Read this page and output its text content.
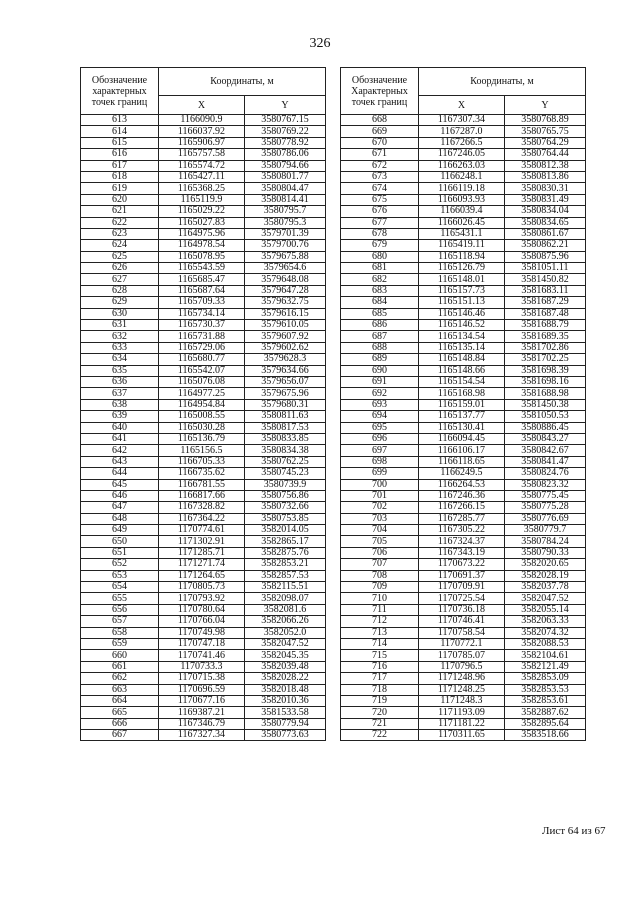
326
Обозначение характерных точек границ	Координаты, м	
	X	Y
613	1166090.9	3580767.15
614	1166037.92	3580769.22
615	1165906.97	3580778.92
616	1165757.58	3580786.06
617	1165574.72	3580794.66
618	1165427.11	3580801.77
619	1165368.25	3580804.47
620	1165119.9	3580814.41
621	1165029.22	3580795.7
622	1165027.83	3580795.3
623	1164975.96	3579701.39
624	1164978.54	3579700.76
625	1165078.95	3579675.88
626	1165543.59	3579654.6
627	1165685.47	3579648.08
628	1165687.64	3579647.28
629	1165709.33	3579632.75
630	1165734.14	3579616.15
631	1165730.37	3579610.05
632	1165731.88	3579607.92
633	1165729.06	3579602.62
634	1165680.77	3579628.3
635	1165542.07	3579634.66
636	1165076.08	3579656.07
637	1164977.25	3579675.96
638	1164954.84	3579680.31
639	1165008.55	3580811.63
640	1165030.28	3580817.53
641	1165136.79	3580833.85
642	1165156.5	3580834.38
643	1166705.33	3580762.25
644	1166735.62	3580745.23
645	1166781.55	3580739.9
646	1166817.66	3580756.86
647	1167328.82	3580732.66
648	1167364.22	3580753.85
649	1170774.61	3582014.05
650	1171302.91	3582865.17
651	1171285.71	3582875.76
652	1171271.74	3582853.21
653	1171264.65	3582857.53
654	1170805.73	3582115.51
655	1170793.92	3582098.07
656	1170780.64	3582081.6
657	1170766.04	3582066.26
658	1170749.98	3582052.0
659	1170747.18	3582047.52
660	1170741.46	3582045.35
661	1170733.3	3582039.48
662	1170715.38	3582028.22
663	1170696.59	3582018.48
664	1170677.16	3582010.36
665	1169387.21	3581533.58
666	1167346.79	3580779.94
667	1167327.34	3580773.63
Обозначение Характерных точек границ	Координаты, м	
	X	Y
668	1167307.34	3580768.89
669	1167287.0	3580765.75
670	1167266.5	3580764.29
671	1167246.05	3580764.44
672	1166263.03	3580812.38
673	1166248.1	3580813.86
674	1166119.18	3580830.31
675	1166093.93	3580831.49
676	1166039.4	3580834.04
677	1166026.45	3580834.65
678	1165431.1	3580861.67
679	1165419.11	3580862.21
680	1165118.94	3580875.96
681	1165126.79	3581051.11
682	1165148.01	3581450.82
683	1165157.73	3581683.11
684	1165151.13	3581687.29
685	1165146.46	3581687.48
686	1165146.52	3581688.79
687	1165134.54	3581689.35
688	1165135.14	3581702.86
689	1165148.84	3581702.25
690	1165148.66	3581698.39
691	1165154.54	3581698.16
692	1165168.98	3581688.98
693	1165159.01	3581450.38
694	1165137.77	3581050.53
695	1165130.41	3580886.45
696	1166094.45	3580843.27
697	1166106.17	3580842.67
698	1166118.65	3580841.47
699	1166249.5	3580824.76
700	1166264.53	3580823.32
701	1167246.36	3580775.45
702	1167266.15	3580775.28
703	1167285.77	3580776.69
704	1167305.22	3580779.7
705	1167324.37	3580784.24
706	1167343.19	3580790.33
707	1170673.22	3582020.65
708	1170691.37	3582028.19
709	1170709.91	3582037.78
710	1170725.54	3582047.52
711	1170736.18	3582055.14
712	1170746.41	3582063.33
713	1170758.54	3582074.32
714	1170772.1	3582088.53
715	1170785.07	3582104.61
716	1170796.5	3582121.49
717	1171248.96	3582853.09
718	1171248.25	3582853.53
719	1171248.3	3582853.61
720	1171193.09	3582887.62
721	1171181.22	3582895.64
722	1170311.65	3583518.66
Лист 64 из 67
